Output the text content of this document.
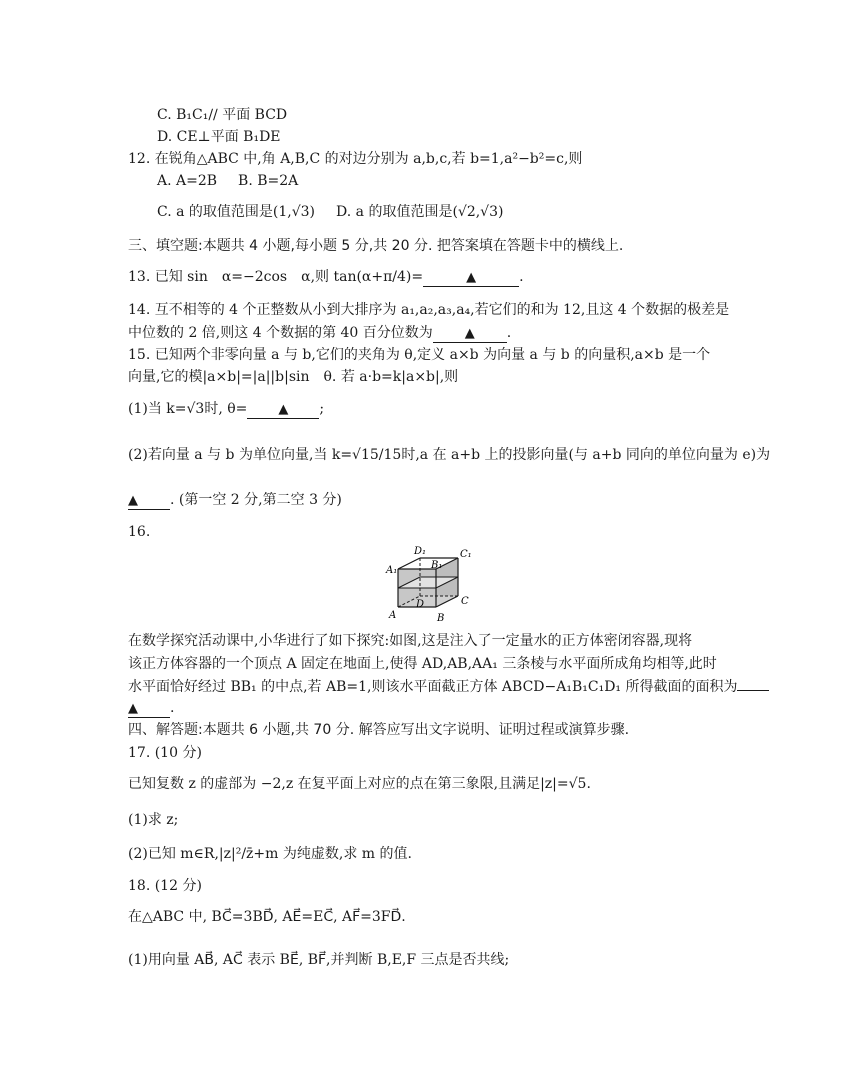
C. B₁C₁∕∕ 平面 BCD
D. CE⊥平面 B₁DE
12. 在锐角△ABC 中,角 A,B,C 的对边分别为 a,b,c,若 b=1,a²−b²=c,则
A. A=2B  B. B=2A
C. a 的取值范围是(1,√3)  D. a 的取值范围是(√2,√3)
三、填空题:本题共 4 小题,每小题 5 分,共 20 分. 把答案填在答题卡中的横线上.
13. 已知 sin α=−2cos α,则 tan(α+π/4)=	▲	.
14. 互不相等的 4 个正整数从小到大排序为 a₁,a₂,a₃,a₄,若它们的和为 12,且这 4 个数据的极差是
中位数的 2 倍,则这 4 个数据的第 40 百分位数为 ▲ .
15. 已知两个非零向量 a 与 b,它们的夹角为 θ,定义 a×b 为向量 a 与 b 的向量积,a×b 是一个
向量,它的模|a×b|=|a||b|sin θ. 若 a·b=k|a×b|,则
(1)当 k=√3时, θ= ▲ ;
(2)若向量 a 与 b 为单位向量,当 k=√15/15时,a 在 a+b 上的投影向量(与 a+b 同向的单位向量为 e)为
▲ . (第一空 2 分,第二空 3 分)
16.
D₁	C₁
A₁	B₁
D	C
A	B
在数学探究活动课中,小华进行了如下探究:如图,这是注入了一定量水的正方体密闭容器,现将
该正方体容器的一个顶点 A 固定在地面上,使得 AD,AB,AA₁ 三条棱与水平面所成角均相等,此时
水平面恰好经过 BB₁ 的中点,若 AB=1,则该水平面截正方体 ABCD−A₁B₁C₁D₁ 所得截面的面积为
▲ .
四、解答题:本题共 6 小题,共 70 分. 解答应写出文字说明、证明过程或演算步骤.
17. (10 分)
已知复数 z 的虚部为 −2,z 在复平面上对应的点在第三象限,且满足|z|=√5.
(1)求 z;
(2)已知 m∈R,|z|²/z̄+m 为纯虚数,求 m 的值.
18. (12 分)
在△ABC 中, BC⃗=3BD⃗, AE⃗=EC⃗, AF⃗=3FD⃗.
(1)用向量 AB⃗, AC⃗ 表示 BE⃗, BF⃗,并判断 B,E,F 三点是否共线;
